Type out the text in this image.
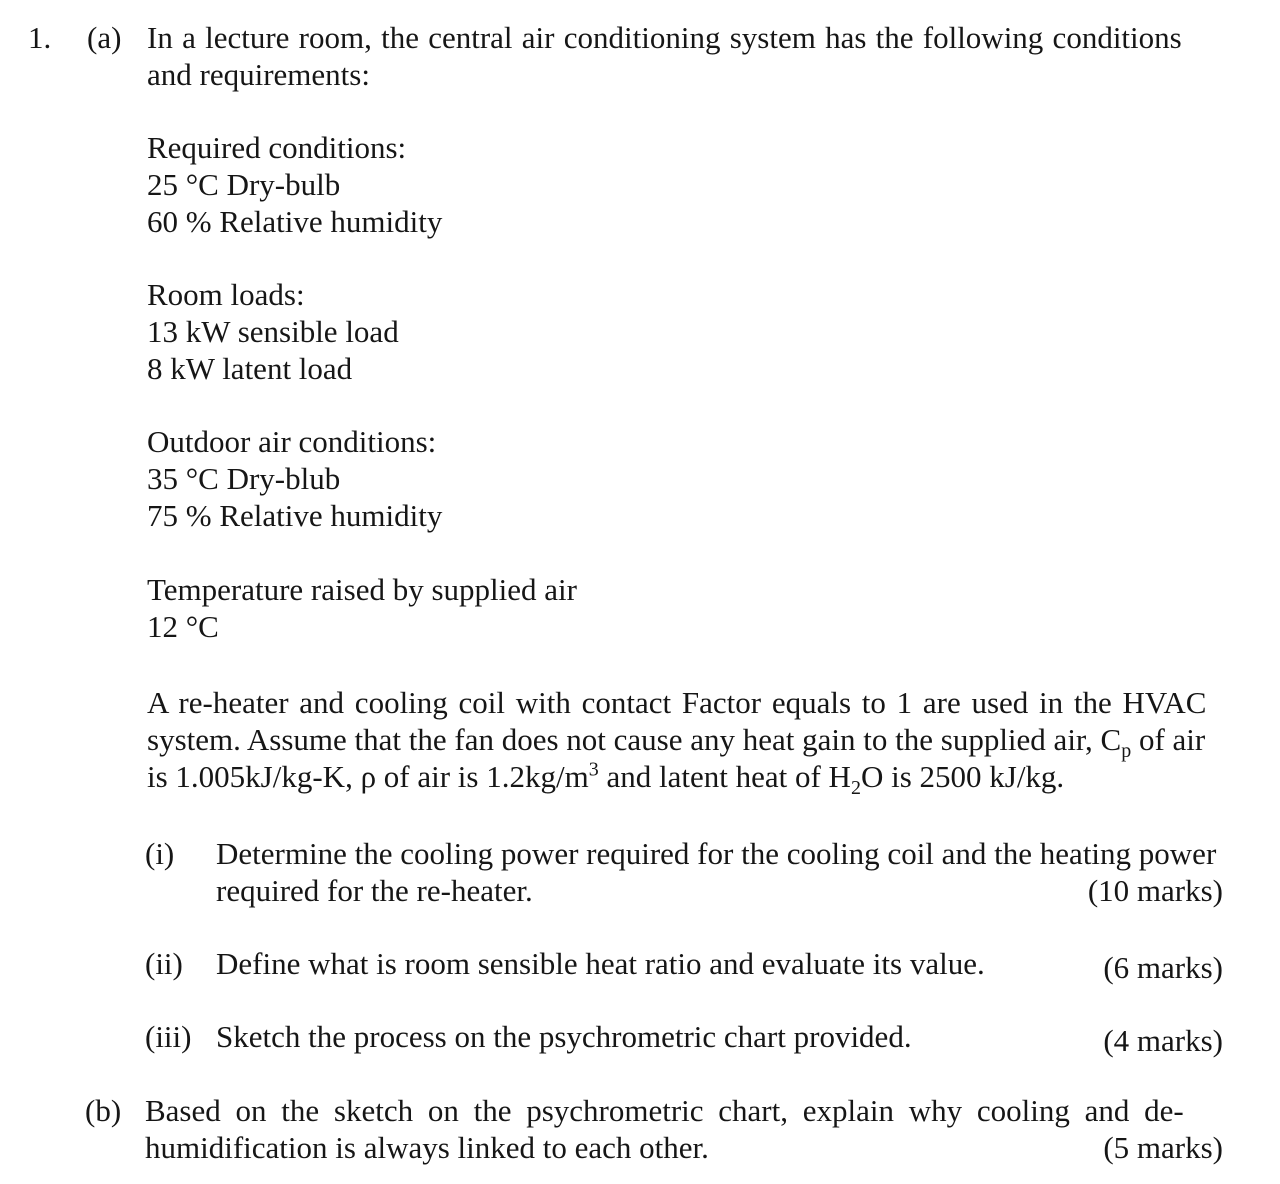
1. (a) In a lecture room, the central air conditioning system has the following conditions
and requirements:
Required conditions:
25 °C Dry-bulb
60 % Relative humidity
Room loads:
13 kW sensible load
8 kW latent load
Outdoor air conditions:
35 °C Dry-blub
75 % Relative humidity
Temperature raised by supplied air
12 °C
A re-heater and cooling coil with contact Factor equals to 1 are used in the HVAC
system. Assume that the fan does not cause any heat gain to the supplied air, $C_p$ of air
is 1.005kJ/kg-K, ρ of air is $1.2kg/m^3$ and latent heat of $H_2O$ is 2500 kJ/kg.
(i) Determine the cooling power required for the cooling coil and the heating power
required for the re-heater.	(10 marks)
(ii) Define what is room sensible heat ratio and evaluate its value.	(6 marks)
(iii) Sketch the process on the psychrometric chart provided.	(4 marks)
(b) Based on the sketch on the psychrometric chart, explain why cooling and de-
humidification is always linked to each other.	(5 marks)
